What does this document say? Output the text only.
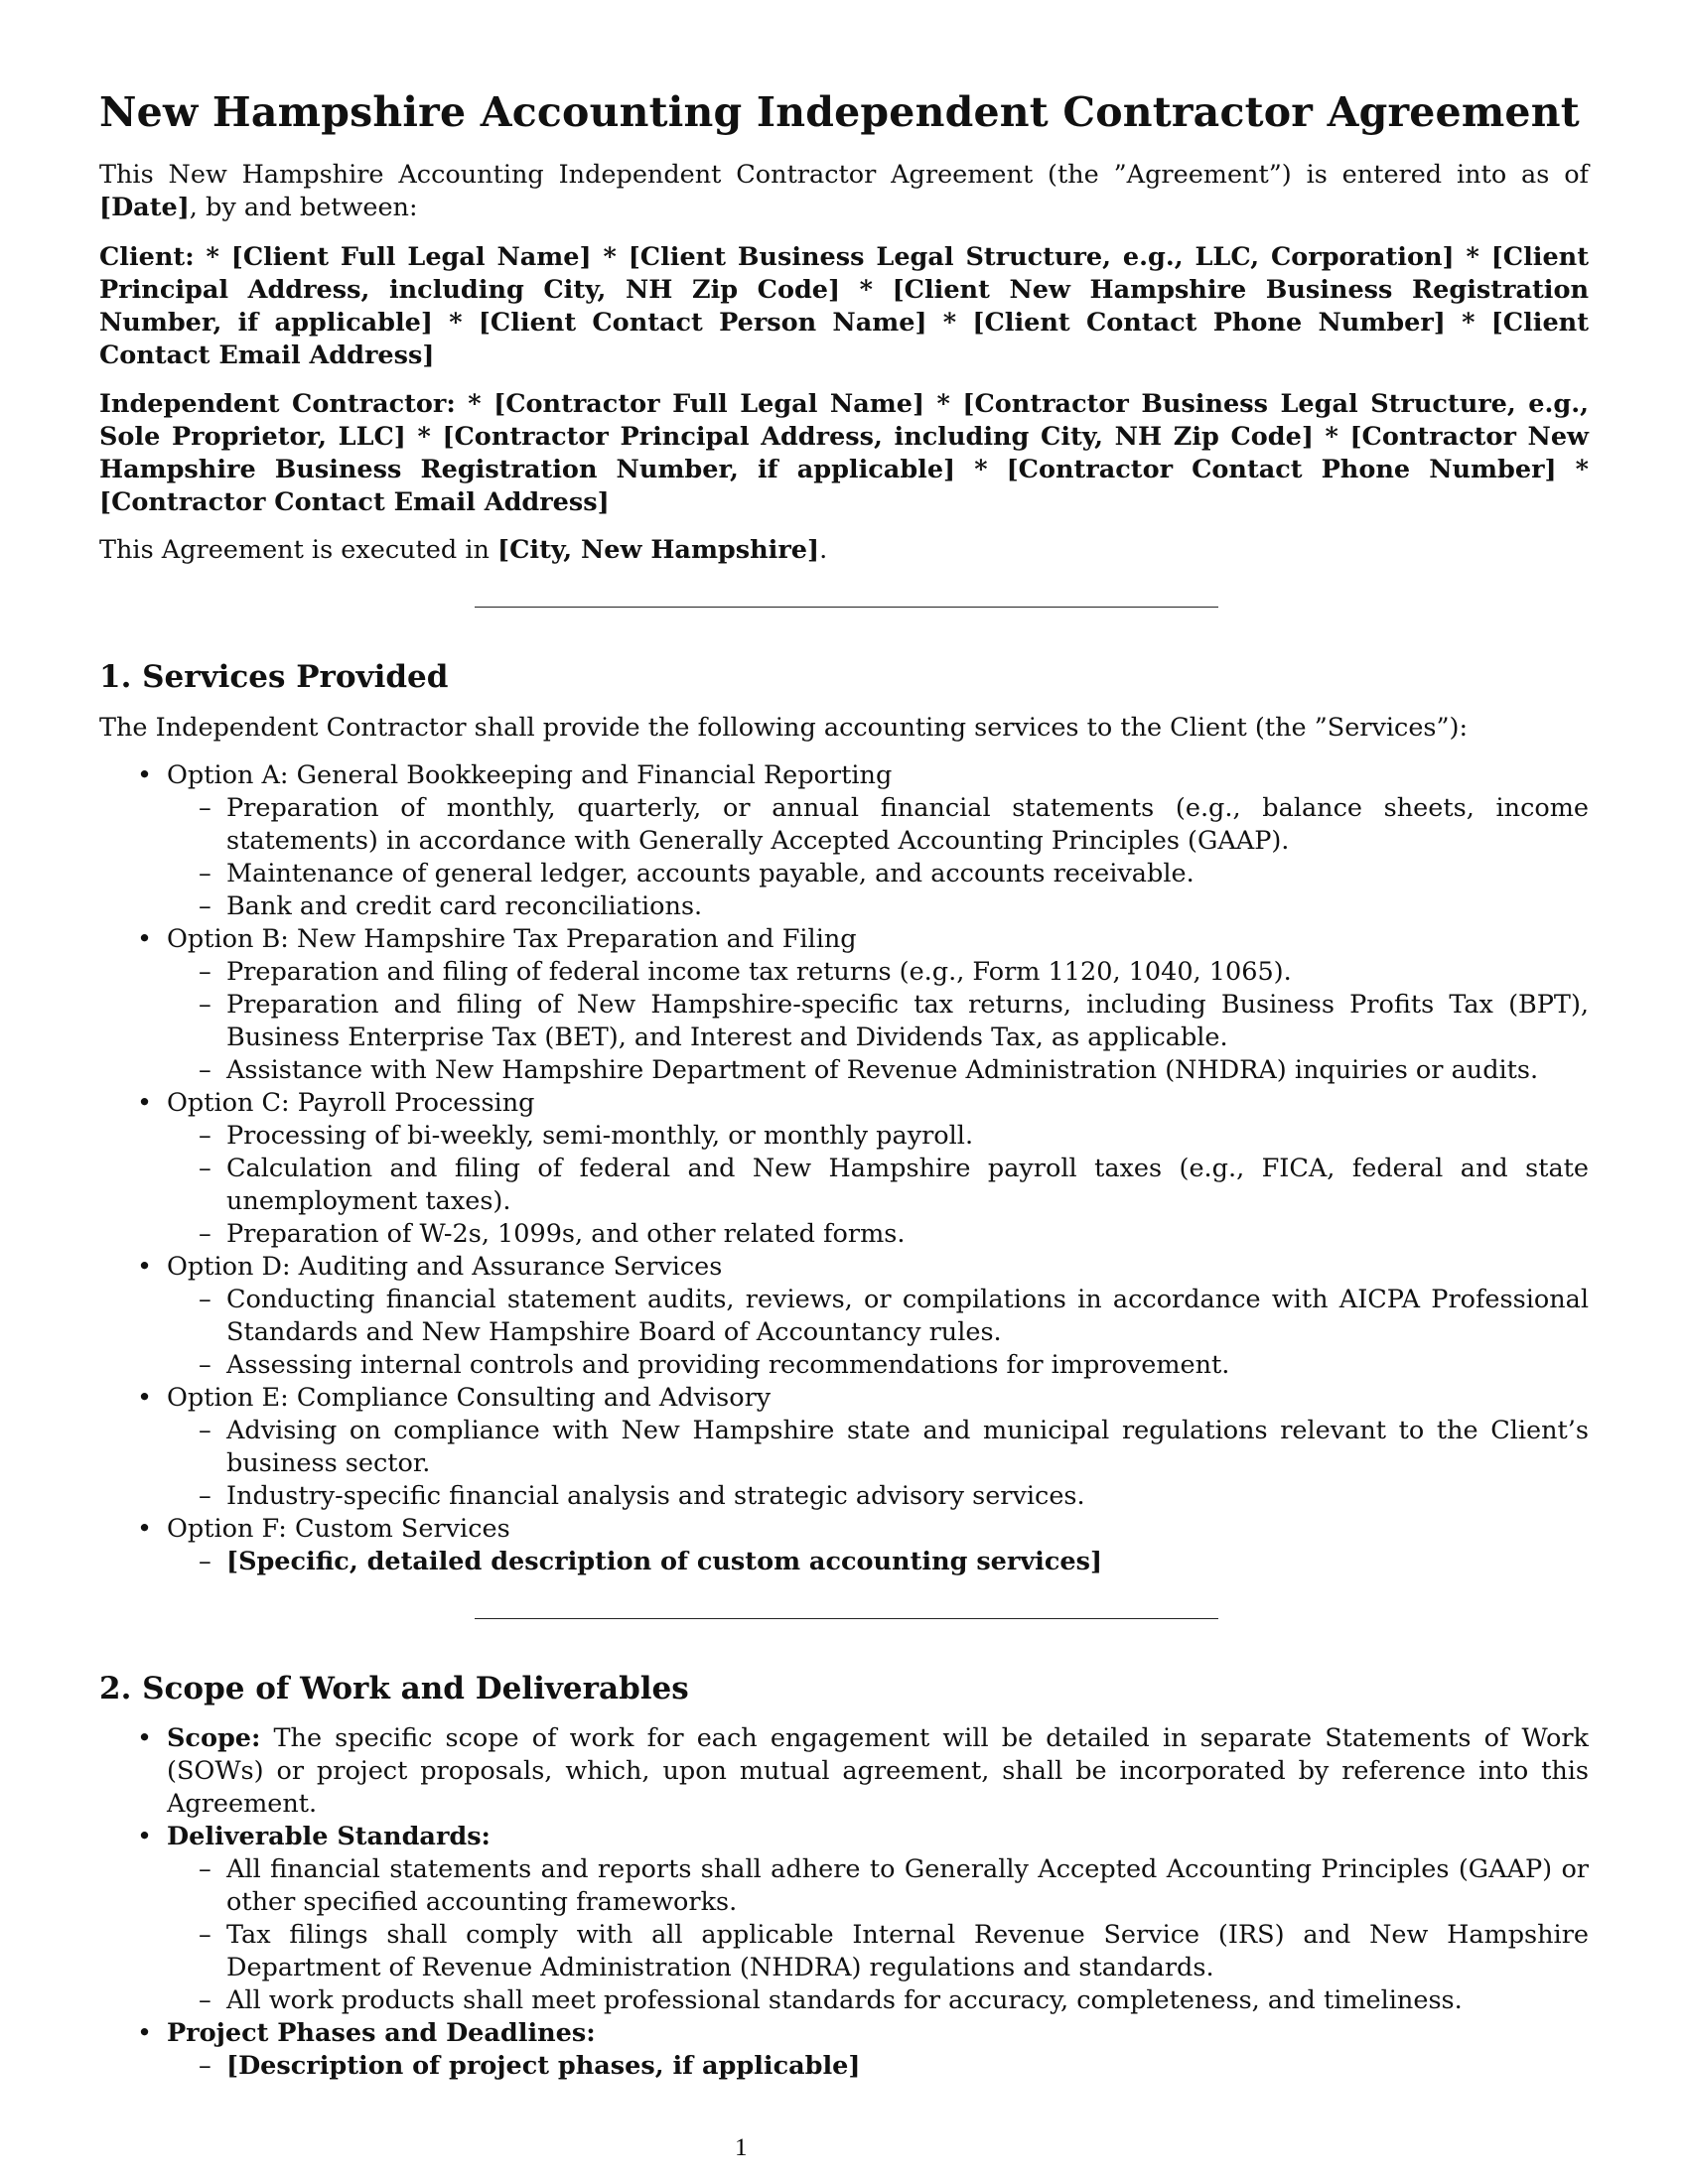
New Hampshire Accounting Independent Contractor Agreement

This New Hampshire Accounting Independent Contractor Agreement (the ”Agreement”) is entered into as of [Date], by and between:

Client: * [Client Full Legal Name] * [Client Business Legal Structure, e.g., LLC, Corporation] * [Client Principal Address, including City, NH Zip Code] * [Client New Hampshire Business Registration Number, if applicable] * [Client Contact Person Name] * [Client Contact Phone Number] * [Client Contact Email Address]

Independent Contractor: * [Contractor Full Legal Name] * [Contractor Business Legal Structure, e.g., Sole Proprietor, LLC] * [Contractor Principal Address, including City, NH Zip Code] * [Contractor New Hampshire Business Registration Number, if applicable] * [Contractor Contact Phone Number] * [Contractor Contact Email Address]

This Agreement is executed in [City, New Hampshire].

1. Services Provided

The Independent Contractor shall provide the following accounting services to the Client (the ”Services”):

• Option A: General Bookkeeping and Financial Reporting
– Preparation of monthly, quarterly, or annual financial statements (e.g., balance sheets, income statements) in accordance with Generally Accepted Accounting Principles (GAAP).
– Maintenance of general ledger, accounts payable, and accounts receivable.
– Bank and credit card reconciliations.
• Option B: New Hampshire Tax Preparation and Filing
– Preparation and filing of federal income tax returns (e.g., Form 1120, 1040, 1065).
– Preparation and filing of New Hampshire-specific tax returns, including Business Profits Tax (BPT), Business Enterprise Tax (BET), and Interest and Dividends Tax, as applicable.
– Assistance with New Hampshire Department of Revenue Administration (NHDRA) inquiries or audits.
• Option C: Payroll Processing
– Processing of bi-weekly, semi-monthly, or monthly payroll.
– Calculation and filing of federal and New Hampshire payroll taxes (e.g., FICA, federal and state unemployment taxes).
– Preparation of W-2s, 1099s, and other related forms.
• Option D: Auditing and Assurance Services
– Conducting financial statement audits, reviews, or compilations in accordance with AICPA Professional Standards and New Hampshire Board of Accountancy rules.
– Assessing internal controls and providing recommendations for improvement.
• Option E: Compliance Consulting and Advisory
– Advising on compliance with New Hampshire state and municipal regulations relevant to the Client’s business sector.
– Industry-specific financial analysis and strategic advisory services.
• Option F: Custom Services
– [Specific, detailed description of custom accounting services]
2. Scope of Work and Deliverables
• Scope: The specific scope of work for each engagement will be detailed in separate Statements of Work (SOWs) or project proposals, which, upon mutual agreement, shall be incorporated by reference into this Agreement.
• Deliverable Standards:
– All financial statements and reports shall adhere to Generally Accepted Accounting Principles (GAAP) or other specified accounting frameworks.
– Tax filings shall comply with all applicable Internal Revenue Service (IRS) and New Hampshire Department of Revenue Administration (NHDRA) regulations and standards.
– All work products shall meet professional standards for accuracy, completeness, and timeliness.
• Project Phases and Deadlines:
– [Description of project phases, if applicable]
1
